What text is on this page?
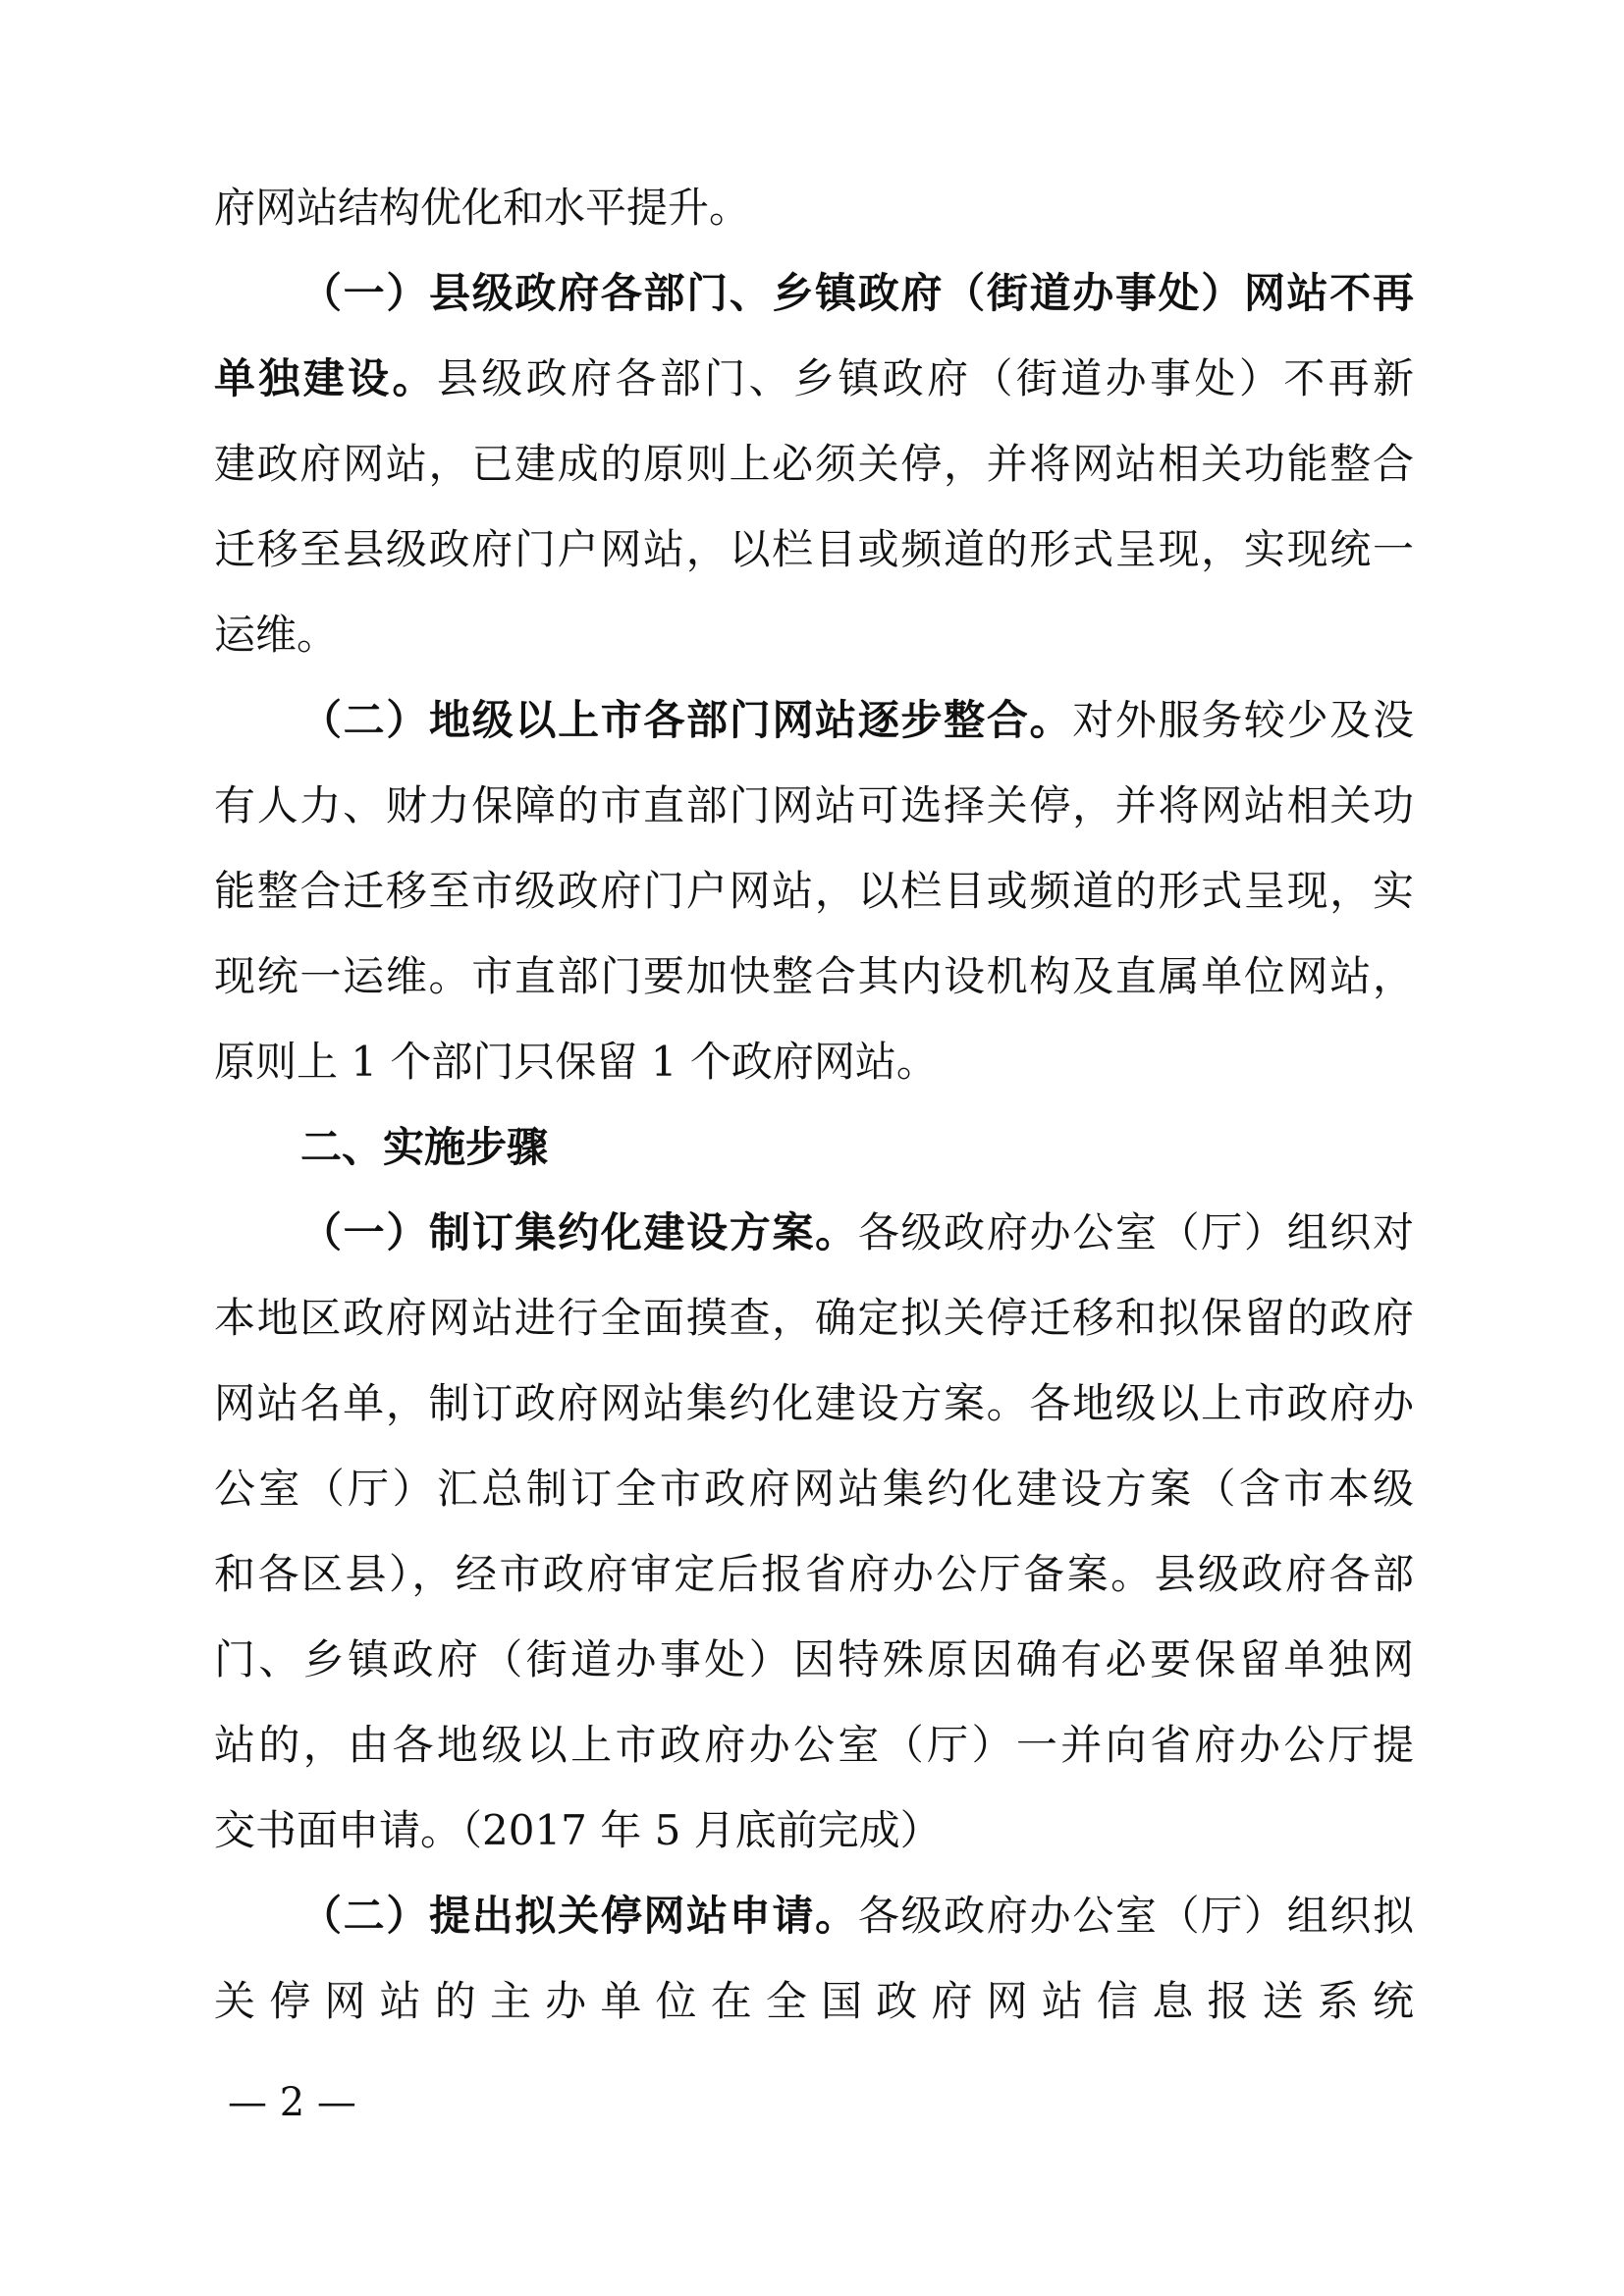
府网站结构优化和水平提升。
（一）县级政府各部门、乡镇政府（街道办事处）网站不再
单独建设。县级政府各部门、乡镇政府（街道办事处）不再新
建政府网站，已建成的原则上必须关停，并将网站相关功能整合
迁移至县级政府门户网站，以栏目或频道的形式呈现，实现统一
运维。
（二）地级以上市各部门网站逐步整合。对外服务较少及没
有人力、财力保障的市直部门网站可选择关停，并将网站相关功
能整合迁移至市级政府门户网站，以栏目或频道的形式呈现，实
现统一运维。市直部门要加快整合其内设机构及直属单位网站，
原则上 1 个部门只保留 1 个政府网站。
二、实施步骤
（一）制订集约化建设方案。各级政府办公室（厅）组织对
本地区政府网站进行全面摸查，确定拟关停迁移和拟保留的政府
网站名单，制订政府网站集约化建设方案。各地级以上市政府办
公室（厅）汇总制订全市政府网站集约化建设方案（含市本级
和各区县），经市政府审定后报省府办公厅备案。县级政府各部
门、乡镇政府（街道办事处）因特殊原因确有必要保留单独网
站的，由各地级以上市政府办公室（厅）一并向省府办公厅提
交书面申请。（2017 年 5 月底前完成）
（二）提出拟关停网站申请。各级政府办公室（厅）组织拟
关停网站的主办单位在全国政府网站信息报送系统
— 2 —
